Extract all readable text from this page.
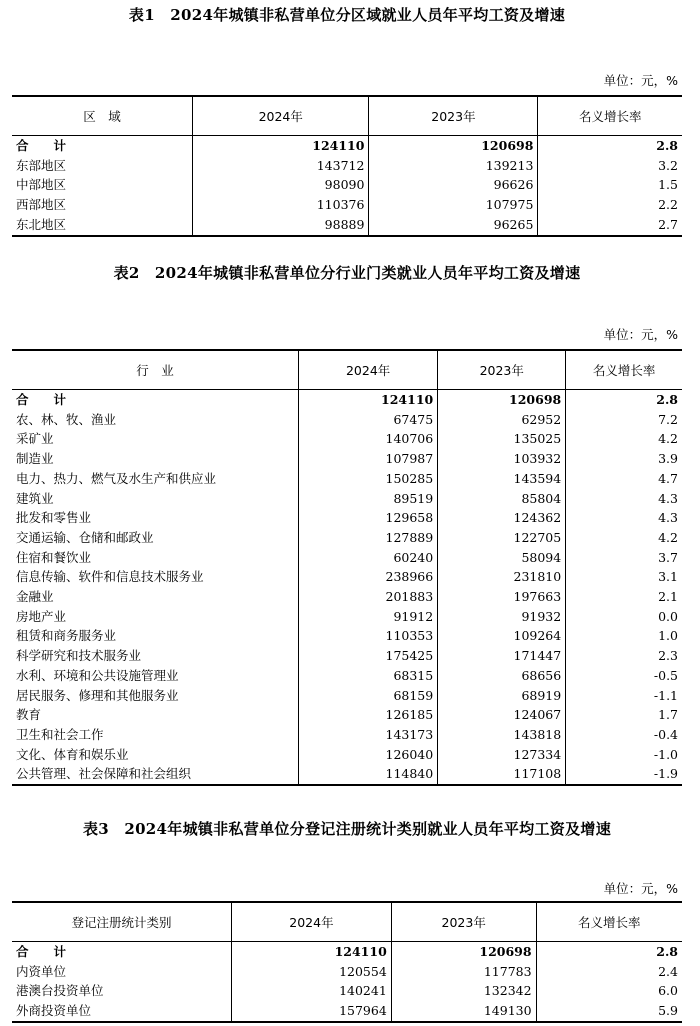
表1　2024年城镇非私营单位分区域就业人员年平均工资及增速

单位：元，%

区　域	2024年	2023年	名义增长率
合　计	124110	120698	2.8
东部地区	143712	139213	3.2
中部地区	98090	96626	1.5
西部地区	110376	107975	2.2
东北地区	98889	96265	2.7

表2　2024年城镇非私营单位分行业门类就业人员年平均工资及增速

单位：元，%

行　业	2024年	2023年	名义增长率
合　计	124110	120698	2.8
农、林、牧、渔业	67475	62952	7.2
采矿业	140706	135025	4.2
制造业	107987	103932	3.9
电力、热力、燃气及水生产和供应业	150285	143594	4.7
建筑业	89519	85804	4.3
批发和零售业	129658	124362	4.3
交通运输、仓储和邮政业	127889	122705	4.2
住宿和餐饮业	60240	58094	3.7
信息传输、软件和信息技术服务业	238966	231810	3.1
金融业	201883	197663	2.1
房地产业	91912	91932	0.0
租赁和商务服务业	110353	109264	1.0
科学研究和技术服务业	175425	171447	2.3
水利、环境和公共设施管理业	68315	68656	-0.5
居民服务、修理和其他服务业	68159	68919	-1.1
教育	126185	124067	1.7
卫生和社会工作	143173	143818	-0.4
文化、体育和娱乐业	126040	127334	-1.0
公共管理、社会保障和社会组织	114840	117108	-1.9

表3　2024年城镇非私营单位分登记注册统计类别就业人员年平均工资及增速

单位：元，%

登记注册统计类别	2024年	2023年	名义增长率
合　计	124110	120698	2.8
内资单位	120554	117783	2.4
港澳台投资单位	140241	132342	6.0
外商投资单位	157964	149130	5.9
